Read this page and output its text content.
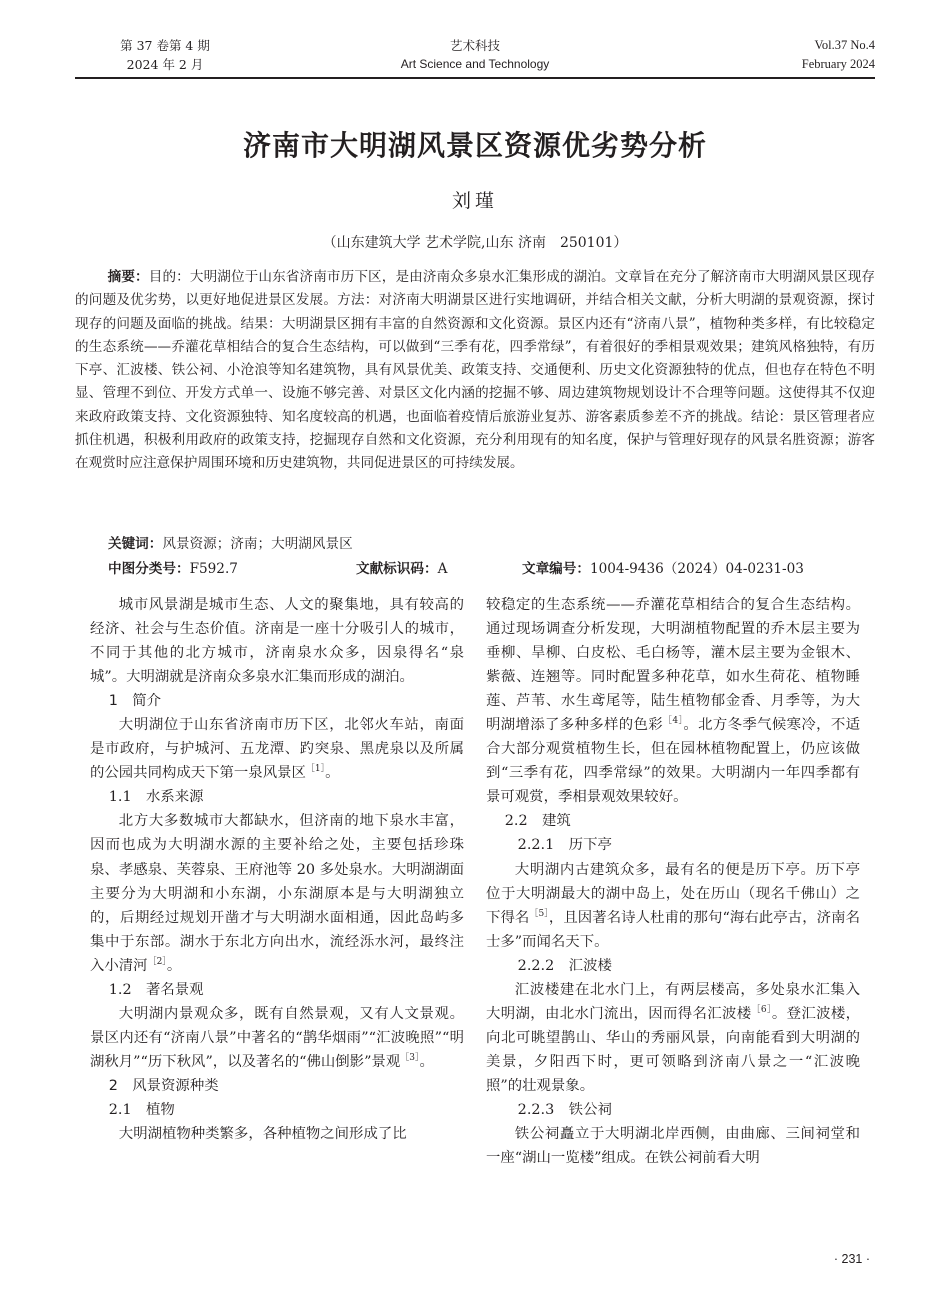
第 37 卷第 4 期
2024 年 2 月
艺术科技
Art Science and Technology
Vol.37 No.4
February 2024
济南市大明湖风景区资源优劣势分析
刘瑾
（山东建筑大学 艺术学院,山东 济南　250101）

摘要：目的：大明湖位于山东省济南市历下区，是由济南众多泉水汇集形成的湖泊。文章旨在充分了解济南市大明湖风景区现存的问题及优劣势，以更好地促进景区发展。方法：对济南大明湖景区进行实地调研，并结合相关文献，分析大明湖的景观资源，探讨现存的问题及面临的挑战。结果：大明湖景区拥有丰富的自然资源和文化资源。景区内还有“济南八景”，植物种类多样，有比较稳定的生态系统——乔灌花草相结合的复合生态结构，可以做到“三季有花，四季常绿”，有着很好的季相景观效果；建筑风格独特，有历下亭、汇波楼、铁公祠、小沧浪等知名建筑物，具有风景优美、政策支持、交通便利、历史文化资源独特的优点，但也存在特色不明显、管理不到位、开发方式单一、设施不够完善、对景区文化内涵的挖掘不够、周边建筑物规划设计不合理等问题。这使得其不仅迎来政府政策支持、文化资源独特、知名度较高的机遇，也面临着疫情后旅游业复苏、游客素质参差不齐的挑战。结论：景区管理者应抓住机遇，积极利用政府的政策支持，挖掘现存自然和文化资源，充分利用现有的知名度，保护与管理好现存的风景名胜资源；游客在观赏时应注意保护周围环境和历史建筑物，共同促进景区的可持续发展。

关键词：风景资源；济南；大明湖风景区
中图分类号：F592.7	文献标识码：A	文章编号：1004-9436（2024）04-0231-03

城市风景湖是城市生态、人文的聚集地，具有较高的经济、社会与生态价值。济南是一座十分吸引人的城市，不同于其他的北方城市，济南泉水众多，因泉得名“泉城”。大明湖就是济南众多泉水汇集而形成的湖泊。

1　简介

大明湖位于山东省济南市历下区，北邻火车站，南面是市政府，与护城河、五龙潭、趵突泉、黑虎泉以及所属的公园共同构成天下第一泉风景区$^{[1]}$。

1.1　水系来源

北方大多数城市大都缺水，但济南的地下泉水丰富，因而也成为大明湖水源的主要补给之处，主要包括珍珠泉、孝感泉、芙蓉泉、王府池等 20 多处泉水。大明湖湖面主要分为大明湖和小东湖，小东湖原本是与大明湖独立的，后期经过规划开凿才与大明湖水面相通，因此岛屿多集中于东部。湖水于东北方向出水，流经泺水河，最终注入小清河$^{[2]}$。

1.2　著名景观

大明湖内景观众多，既有自然景观，又有人文景观。景区内还有“济南八景”中著名的“鹊华烟雨”“汇波晚照”“明湖秋月”“历下秋风”，以及著名的“佛山倒影”景观$^{[3]}$。

2　风景资源种类
2.1　植物

大明湖植物种类繁多，各种植物之间形成了比

较稳定的生态系统——乔灌花草相结合的复合生态结构。通过现场调查分析发现，大明湖植物配置的乔木层主要为垂柳、旱柳、白皮松、毛白杨等，灌木层主要为金银木、紫薇、连翘等。同时配置多种花草，如水生荷花、植物睡莲、芦苇、水生鸢尾等，陆生植物郁金香、月季等，为大明湖增添了多种多样的色彩$^{[4]}$。北方冬季气候寒冷，不适合大部分观赏植物生长，但在园林植物配置上，仍应该做到“三季有花，四季常绿”的效果。大明湖内一年四季都有景可观赏，季相景观效果较好。

2.2　建筑
2.2.1　历下亭

大明湖内古建筑众多，最有名的便是历下亭。历下亭位于大明湖最大的湖中岛上，处在历山（现名千佛山）之下得名$^{[5]}$，且因著名诗人杜甫的那句“海右此亭古，济南名士多”而闻名天下。

2.2.2　汇波楼

汇波楼建在北水门上，有两层楼高，多处泉水汇集入大明湖，由北水门流出，因而得名汇波楼$^{[6]}$。登汇波楼，向北可眺望鹊山、华山的秀丽风景，向南能看到大明湖的美景，夕阳西下时，更可领略到济南八景之一“汇波晚照”的壮观景象。

2.2.3　铁公祠

铁公祠矗立于大明湖北岸西侧，由曲廊、三间祠堂和一座“湖山一览楼”组成。在铁公祠前看大明

· 231 ·
